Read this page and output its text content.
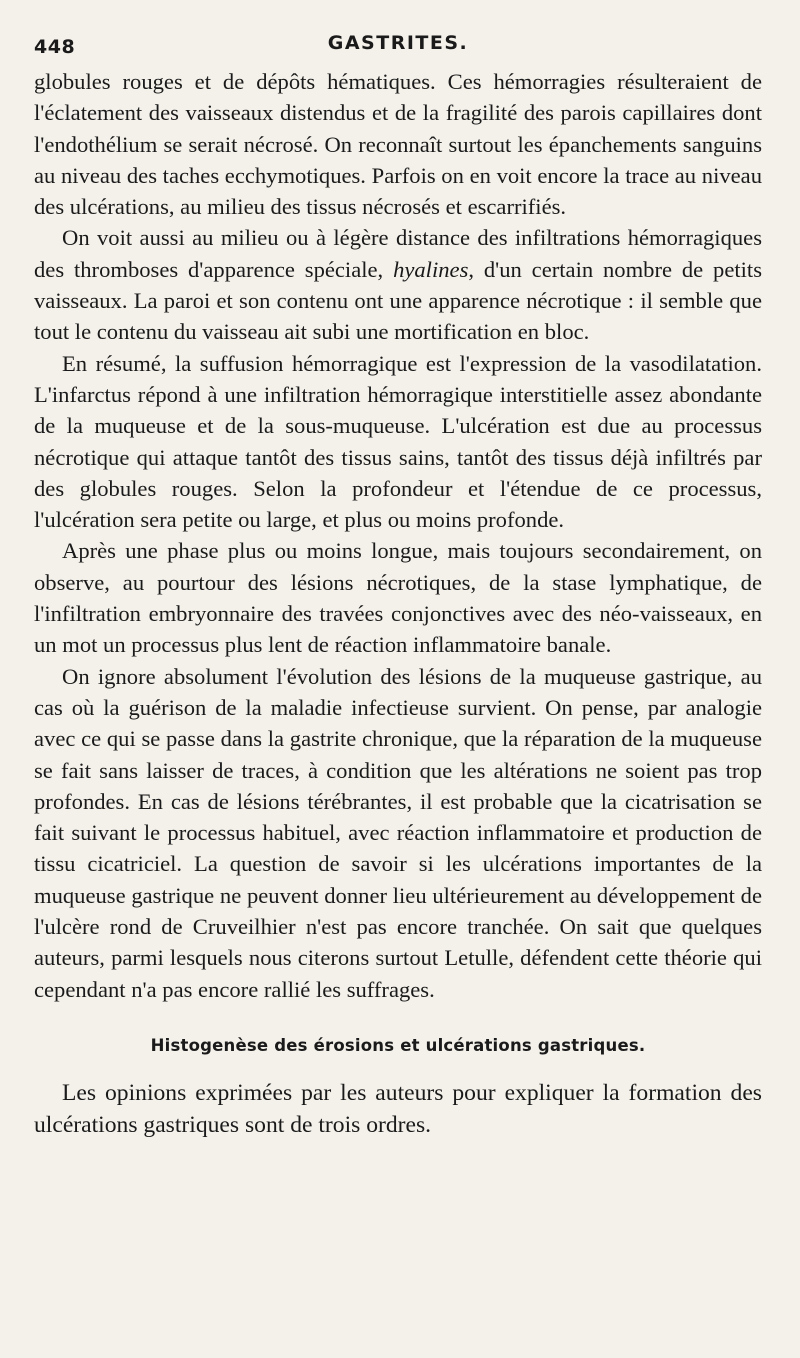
448	GASTRITES.

globules rouges et de dépôts hématiques. Ces hémorragies résulteraient de l'éclatement des vaisseaux distendus et de la fragilité des parois capillaires dont l'endothélium se serait nécrosé. On reconnaît surtout les épanchements sanguins au niveau des taches ecchymotiques. Parfois on en voit encore la trace au niveau des ulcérations, au milieu des tissus nécrosés et escarrifiés.

On voit aussi au milieu ou à légère distance des infiltrations hémorragiques des thromboses d'apparence spéciale, hyalines, d'un certain nombre de petits vaisseaux. La paroi et son contenu ont une apparence nécrotique : il semble que tout le contenu du vaisseau ait subi une mortification en bloc.

En résumé, la suffusion hémorragique est l'expression de la vasodilatation. L'infarctus répond à une infiltration hémorragique interstitielle assez abondante de la muqueuse et de la sous-muqueuse. L'ulcération est due au processus nécrotique qui attaque tantôt des tissus sains, tantôt des tissus déjà infiltrés par des globules rouges. Selon la profondeur et l'étendue de ce processus, l'ulcération sera petite ou large, et plus ou moins profonde.

Après une phase plus ou moins longue, mais toujours secondairement, on observe, au pourtour des lésions nécrotiques, de la stase lymphatique, de l'infiltration embryonnaire des travées conjonctives avec des néo-vaisseaux, en un mot un processus plus lent de réaction inflammatoire banale.

On ignore absolument l'évolution des lésions de la muqueuse gastrique, au cas où la guérison de la maladie infectieuse survient. On pense, par analogie avec ce qui se passe dans la gastrite chronique, que la réparation de la muqueuse se fait sans laisser de traces, à condition que les altérations ne soient pas trop profondes. En cas de lésions térébrantes, il est probable que la cicatrisation se fait suivant le processus habituel, avec réaction inflammatoire et production de tissu cicatriciel. La question de savoir si les ulcérations importantes de la muqueuse gastrique ne peuvent donner lieu ultérieurement au développement de l'ulcère rond de Cruveilhier n'est pas encore tranchée. On sait que quelques auteurs, parmi lesquels nous citerons surtout Letulle, défendent cette théorie qui cependant n'a pas encore rallié les suffrages.

Histogenèse des érosions et ulcérations gastriques.

Les opinions exprimées par les auteurs pour expliquer la formation des ulcérations gastriques sont de trois ordres.
